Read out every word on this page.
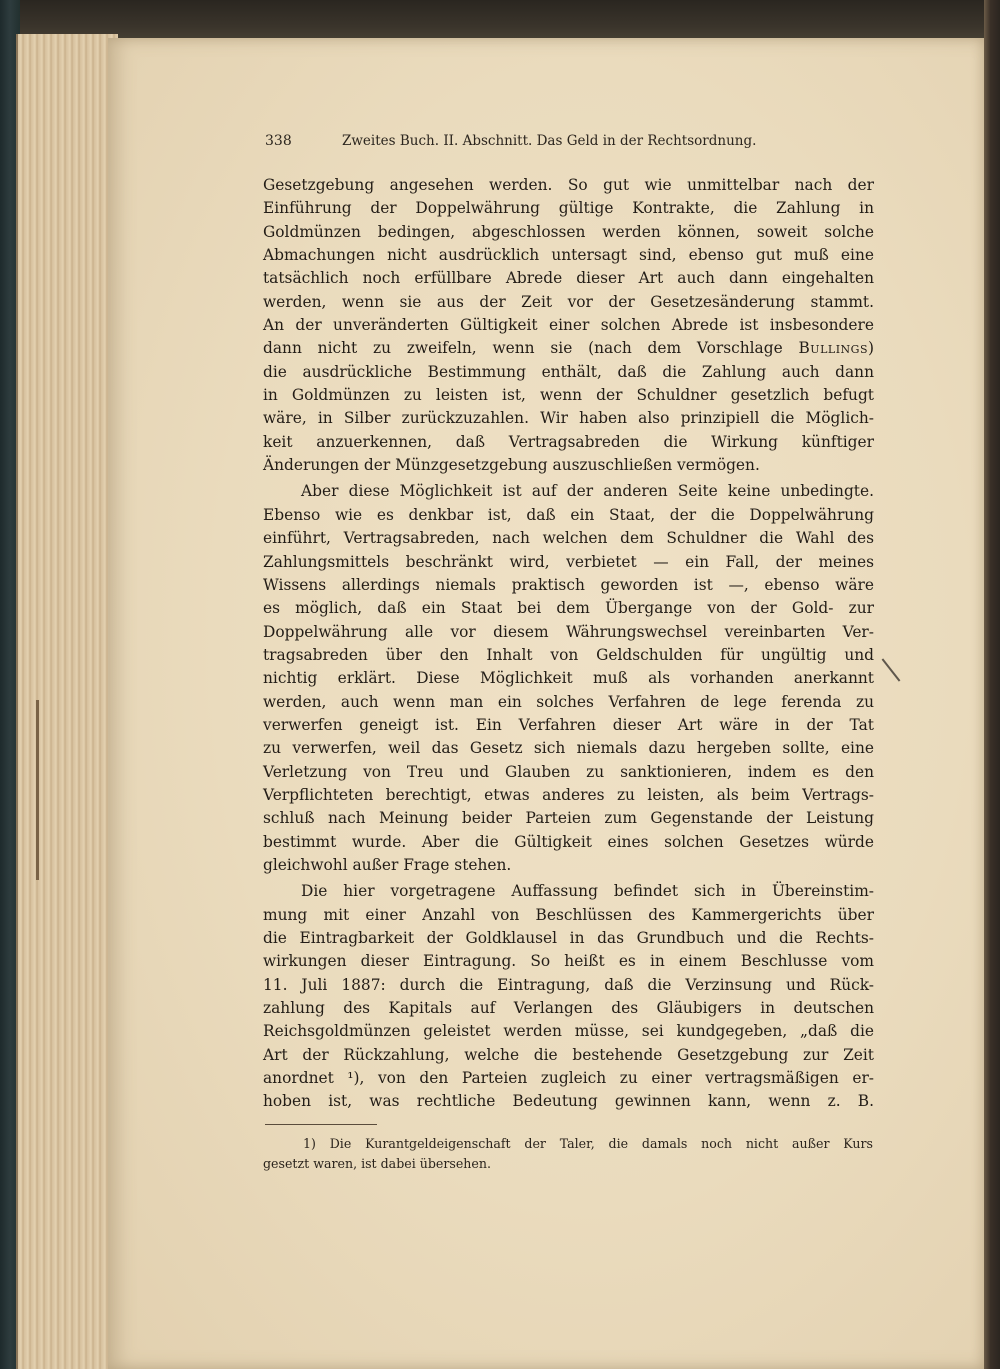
338	Zweites Buch. II. Abschnitt. Das Geld in der Rechtsordnung.

Gesetzgebung angesehen werden. So gut wie unmittelbar nach der
Einführung der Doppelwährung gültige Kontrakte, die Zahlung in
Goldmünzen bedingen, abgeschlossen werden können, soweit solche
Abmachungen nicht ausdrücklich untersagt sind, ebenso gut muß eine
tatsächlich noch erfüllbare Abrede dieser Art auch dann eingehalten
werden, wenn sie aus der Zeit vor der Gesetzesänderung stammt.
An der unveränderten Gültigkeit einer solchen Abrede ist insbesondere
dann nicht zu zweifeln, wenn sie (nach dem Vorschlage Bullings)
die ausdrückliche Bestimmung enthält, daß die Zahlung auch dann
in Goldmünzen zu leisten ist, wenn der Schuldner gesetzlich befugt
wäre, in Silber zurückzuzahlen. Wir haben also prinzipiell die Möglich-
keit anzuerkennen, daß Vertragsabreden die Wirkung künftiger
Änderungen der Münzgesetzgebung auszuschließen vermögen.

Aber diese Möglichkeit ist auf der anderen Seite keine unbedingte.
Ebenso wie es denkbar ist, daß ein Staat, der die Doppelwährung
einführt, Vertragsabreden, nach welchen dem Schuldner die Wahl des
Zahlungsmittels beschränkt wird, verbietet — ein Fall, der meines
Wissens allerdings niemals praktisch geworden ist —, ebenso wäre
es möglich, daß ein Staat bei dem Übergange von der Gold- zur
Doppelwährung alle vor diesem Währungswechsel vereinbarten Ver-
tragsabreden über den Inhalt von Geldschulden für ungültig und
nichtig erklärt. Diese Möglichkeit muß als vorhanden anerkannt
werden, auch wenn man ein solches Verfahren de lege ferenda zu
verwerfen geneigt ist. Ein Verfahren dieser Art wäre in der Tat
zu verwerfen, weil das Gesetz sich niemals dazu hergeben sollte, eine
Verletzung von Treu und Glauben zu sanktionieren, indem es den
Verpflichteten berechtigt, etwas anderes zu leisten, als beim Vertrags-
schluß nach Meinung beider Parteien zum Gegenstande der Leistung
bestimmt wurde. Aber die Gültigkeit eines solchen Gesetzes würde
gleichwohl außer Frage stehen.

Die hier vorgetragene Auffassung befindet sich in Übereinstim-
mung mit einer Anzahl von Beschlüssen des Kammergerichts über
die Eintragbarkeit der Goldklausel in das Grundbuch und die Rechts-
wirkungen dieser Eintragung. So heißt es in einem Beschlusse vom
11. Juli 1887: durch die Eintragung, daß die Verzinsung und Rück-
zahlung des Kapitals auf Verlangen des Gläubigers in deutschen
Reichsgoldmünzen geleistet werden müsse, sei kundgegeben, „daß die
Art der Rückzahlung, welche die bestehende Gesetzgebung zur Zeit
anordnet ¹), von den Parteien zugleich zu einer vertragsmäßigen er-
hoben ist, was rechtliche Bedeutung gewinnen kann, wenn z. B.

1) Die Kurantgeldeigenschaft der Taler, die damals noch nicht außer Kurs
gesetzt waren, ist dabei übersehen.
